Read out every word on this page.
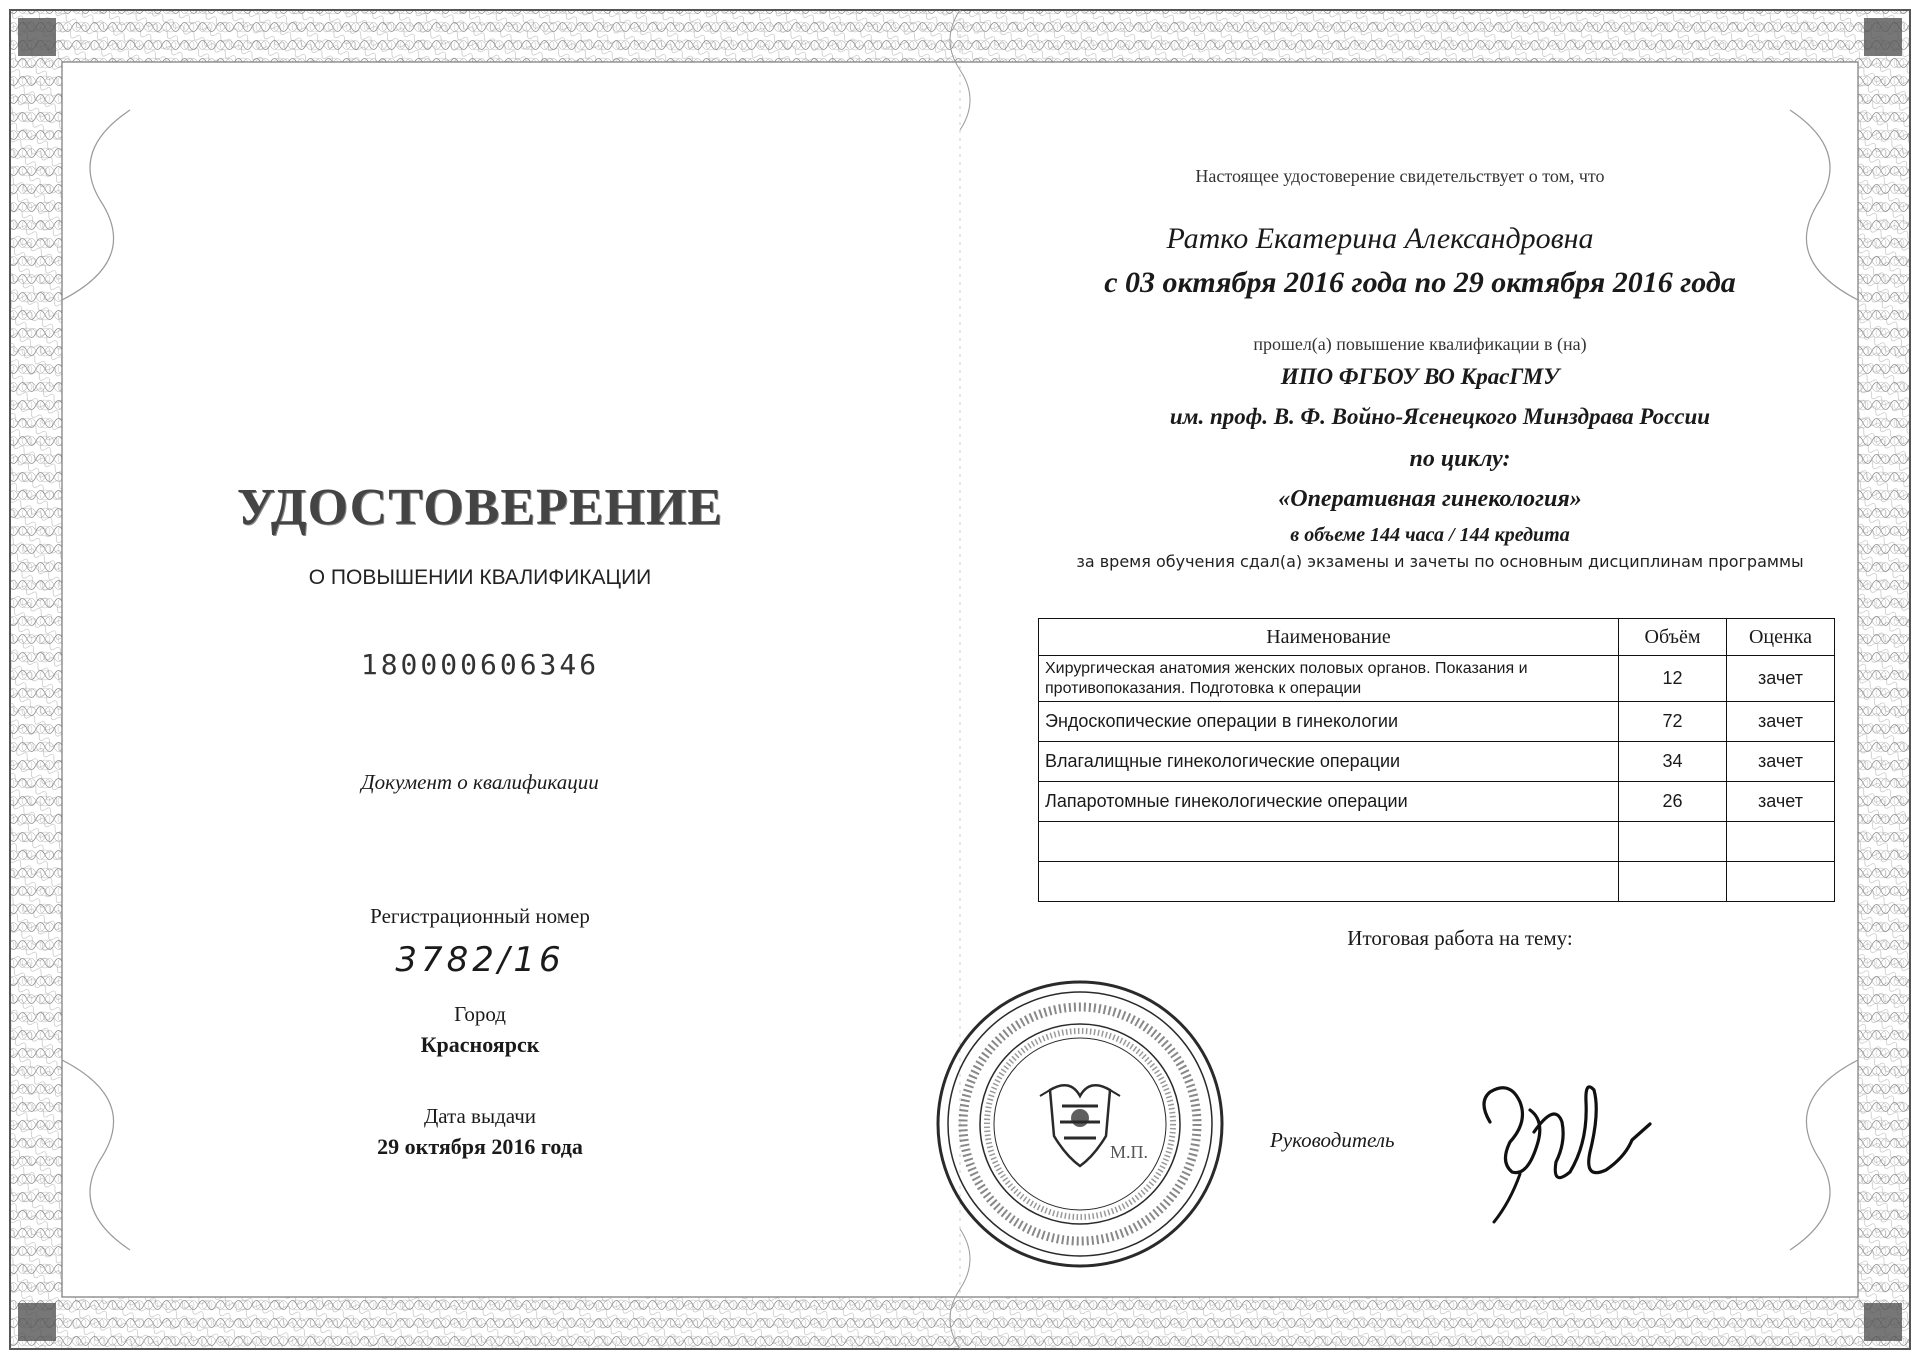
УДОСТОВЕРЕНИЕ
О ПОВЫШЕНИИ КВАЛИФИКАЦИИ
180000606346
Документ о квалификации
Регистрационный номер
3782/16
Город
Красноярск
Дата выдачи
29 октября 2016 года
Настоящее удостоверение свидетельствует о том, что
Ратко Екатерина Александровна
с 03 октября 2016 года по 29 октября 2016 года
прошел(а) повышение квалификации в (на)
ИПО ФГБОУ ВО КрасГМУ
им. проф. В. Ф. Войно-Ясенецкого Минздрава России
по циклу:
«Оперативная гинекология»
в объеме 144 часа / 144 кредита
за время обучения сдал(а) экзамены и зачеты по основным дисциплинам программы
Наименование	Объём	Оценка
Хирургическая анатомия женских половых органов. Показания и противопоказания. Подготовка к операции	12	зачет
Эндоскопические операции в гинекологии	72	зачет
Влагалищные гинекологические операции	34	зачет
Лапаротомные гинекологические операции	26	зачет

Итоговая работа на тему:
М.П.	Руководитель
